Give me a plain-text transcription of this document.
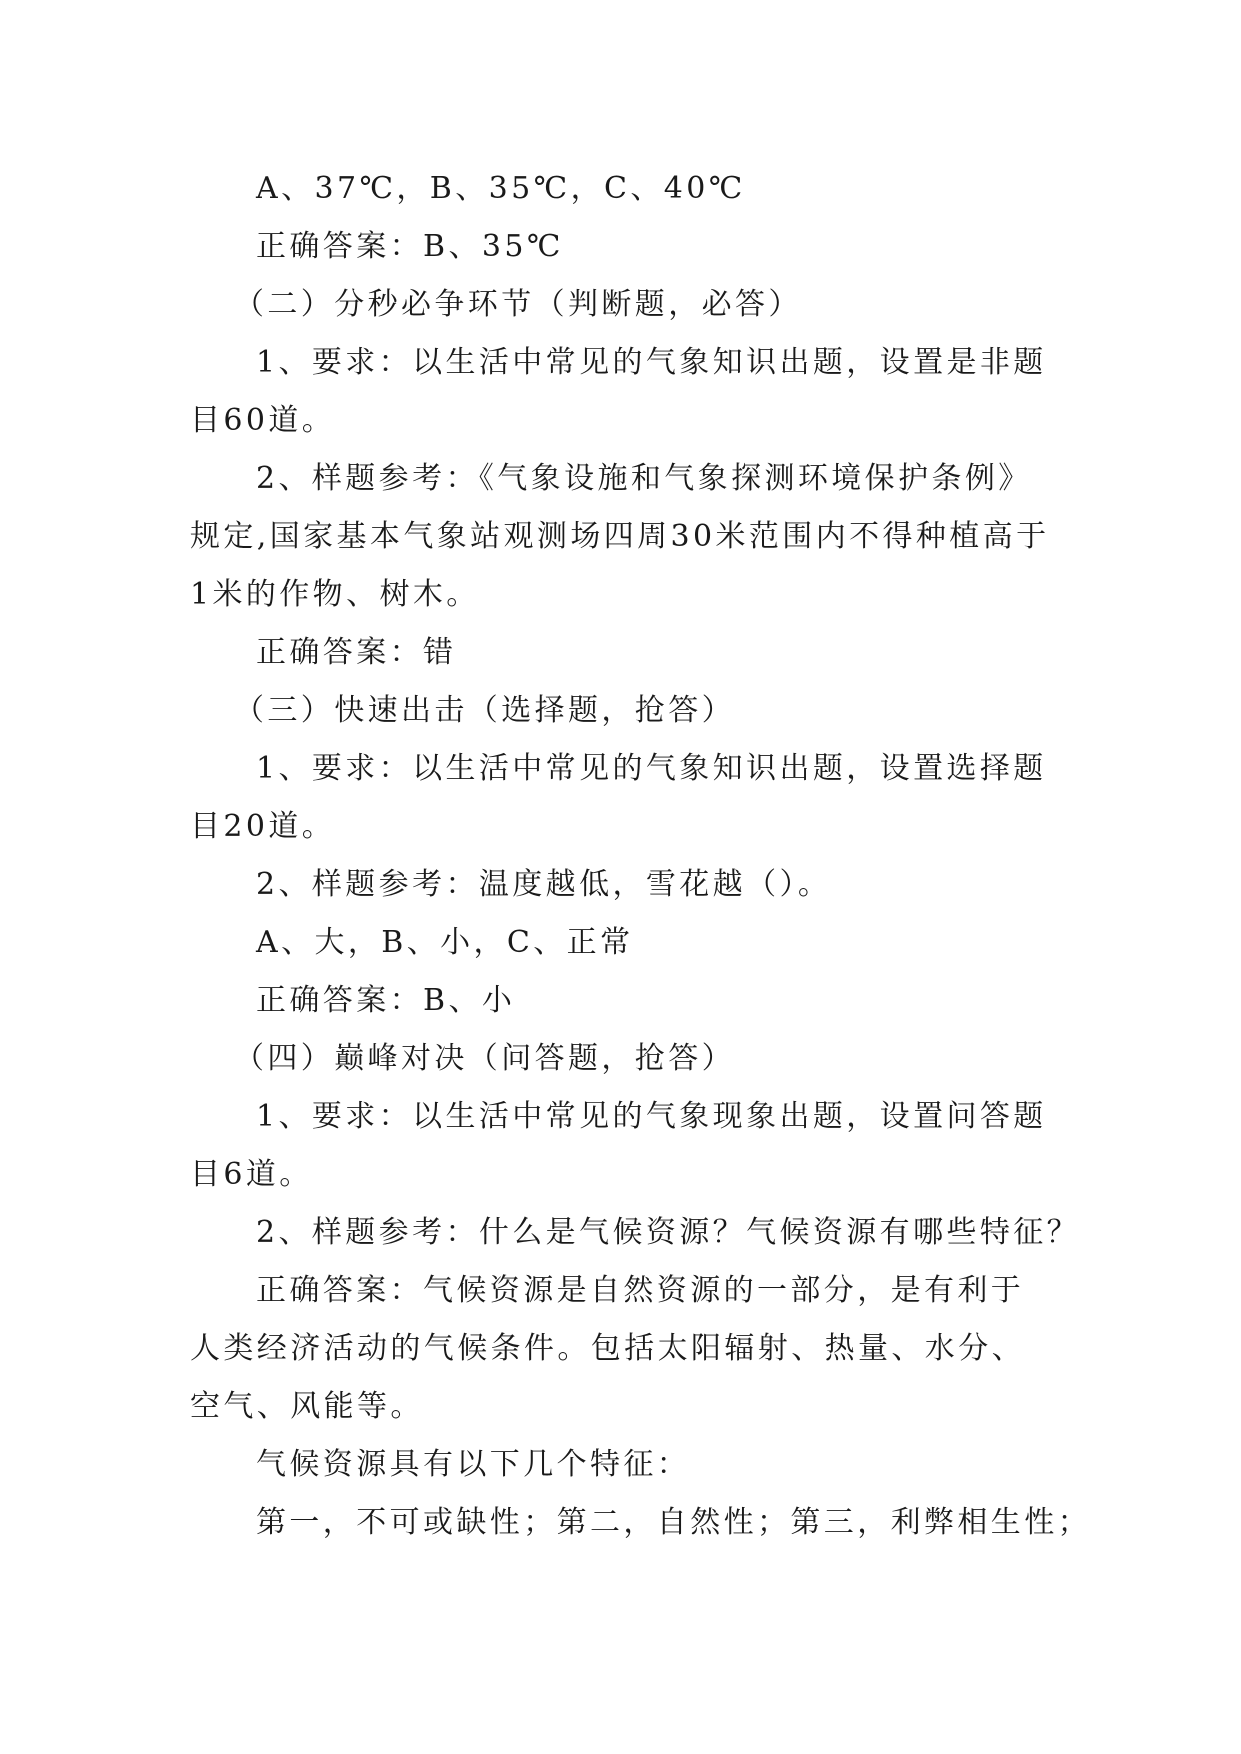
A、37℃，B、35℃，C、40℃

正确答案：B、35℃

（二）分秒必争环节（判断题，必答）

1、要求：以生活中常见的气象知识出题，设置是非题目60道。

2、样题参考：《气象设施和气象探测环境保护条例》规定,国家基本气象站观测场四周30米范围内不得种植高于1米的作物、树木。

正确答案：错

（三）快速出击（选择题，抢答）

1、要求：以生活中常见的气象知识出题，设置选择题目20道。

2、样题参考：温度越低，雪花越（）。

A、大，B、小，C、正常

正确答案：B、小

（四）巅峰对决（问答题，抢答）

1、要求：以生活中常见的气象现象出题，设置问答题目6道。

2、样题参考：什么是气候资源？气候资源有哪些特征？

正确答案：气候资源是自然资源的一部分，是有利于人类经济活动的气候条件。包括太阳辐射、热量、水分、空气、风能等。

气候资源具有以下几个特征：

第一，不可或缺性；第二，自然性；第三，利弊相生性；
